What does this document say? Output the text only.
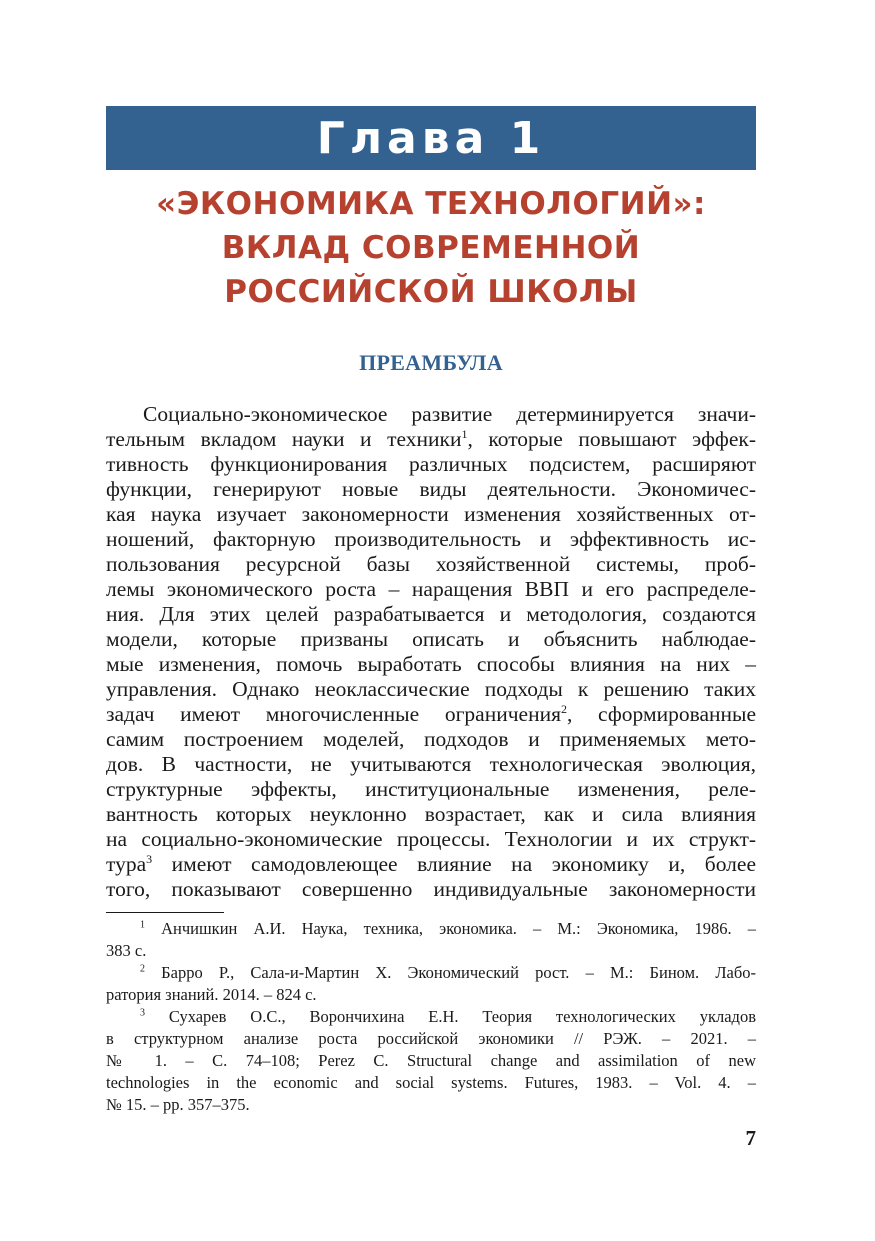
Глава 1
«ЭКОНОМИКА ТЕХНОЛОГИЙ»:
ВКЛАД СОВРЕМЕННОЙ
РОССИЙСКОЙ ШКОЛЫ
ПРЕАМБУЛА
Социально-экономическое развитие детерминируется значи-
тельным вкладом науки и техники$^1$, которые повышают эффек-
тивность функционирования различных подсистем, расширяют
функции, генерируют новые виды деятельности. Экономичес-
кая наука изучает закономерности изменения хозяйственных от-
ношений, факторную производительность и эффективность ис-
пользования ресурсной базы хозяйственной системы, проб-
лемы экономического роста – наращения ВВП и его распределе-
ния. Для этих целей разрабатывается и методология, создаются
модели, которые призваны описать и объяснить наблюдае-
мые изменения, помочь выработать способы влияния на них –
управления. Однако неоклассические подходы к решению таких
задач имеют многочисленные ограничения$^2$, сформированные
самим построением моделей, подходов и применяемых мето-
дов. В частности, не учитываются технологическая эволюция,
структурные эффекты, институциональные изменения, реле-
вантность которых неуклонно возрастает, как и сила влияния
на социально-экономические процессы. Технологии и их структ-
тура$^3$ имеют самодовлеющее влияние на экономику и, более
того, показывают совершенно индивидуальные закономерности
$^1$ Анчишкин А.И. Наука, техника, экономика. – М.: Экономика, 1986. –
383 с.
$^2$ Барро Р., Сала-и-Мартин Х. Экономический рост. – М.: Бином. Лабо-
ратория знаний. 2014. – 824 с.
$^3$ Сухарев О.С., Ворончихина Е.Н. Теория технологических укладов
в структурном анализе роста российской экономики // РЭЖ. – 2021. –
№ 1. – С. 74–108; Perez C. Structural change and assimilation of new
technologies in the economic and social systems. Futures, 1983. – Vol. 4. –
№ 15. – pp. 357–375.
7
